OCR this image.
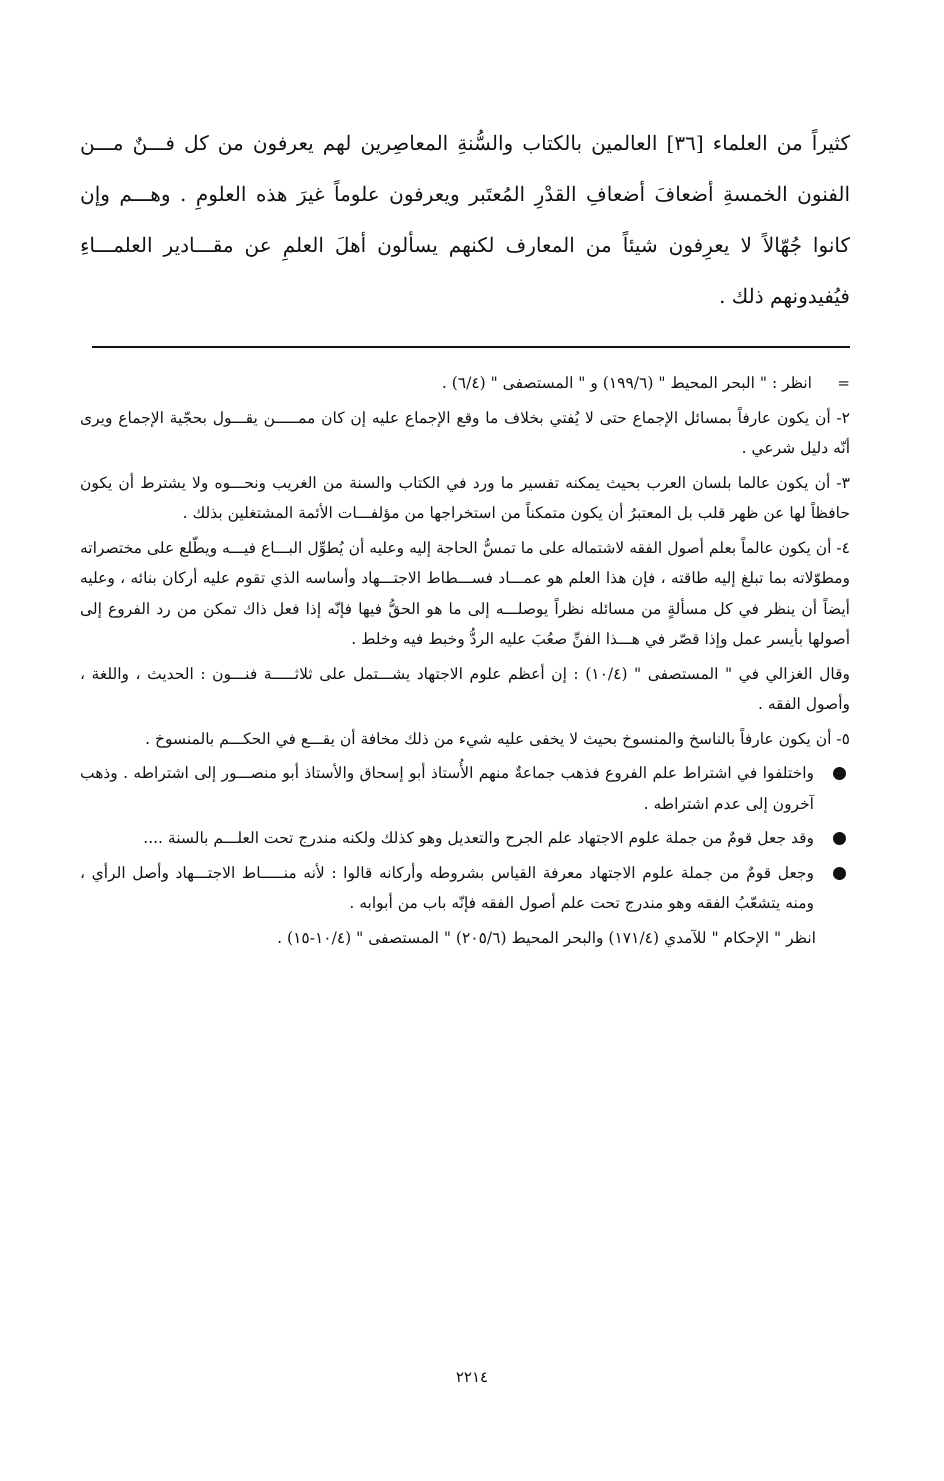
كثيراً من العلماء [٣٦] العالمين بالكتاب والسُّنةِ المعاصِرين لهم يعرفون من كل فـــنٌ مـــن الفنون الخمسةِ أضعافَ أضعافِ القدْرِ المُعتَبر ويعرفون علوماً غيرَ هذه العلومِ . وهـــم وإن كانوا جُهّالاً لا يعرِفون شيئاً من المعارف لكنهم يسألون أهلَ العلمِ عن مقـــادير العلمـــاءِ فيُفيدونهم ذلك .
=
انظر : " البحر المحيط " (١٩٩/٦) و " المستصفى " (٦/٤) .
٢- أن يكون عارفاً بمسائل الإجماع حتى لا يُفتي بخلاف ما وقع الإجماع عليه إن كان ممـــــن يقـــول بحجّية الإجماع ويرى أنّه دليل شرعي .
٣- أن يكون عالما بلسان العرب بحيث يمكنه تفسير ما ورد في الكتاب والسنة من الغريب ونحـــوه ولا يشترط أن يكون حافظاً لها عن ظهر قلب بل المعتبرُ أن يكون متمكناً من استخراجها من مؤلفـــات الأئمة المشتغلين بذلك .
٤- أن يكون عالماً بعلم أصول الفقه لاشتماله على ما تمسُّ الحاجة إليه وعليه أن يُطوِّل البـــاع فيـــه ويطّلع على مختصراته ومطوّلاته بما تبلغ إليه طاقته ، فإن هذا العلم هو عمـــاد فســـطاط الاجتـــهاد وأساسه الذي تقوم عليه أركان بنائه ، وعليه أيضاً أن ينظر في كل مسألةٍ من مسائله نظراً يوصلـــه إلى ما هو الحقُّ فيها فإنّه إذا فعل ذاك تمكن من رد الفروع إلى أصولها بأيسر عمل وإذا قصّر في هـــذا الفنِّ صعُبَ عليه الردُّ وخبط فيه وخلط .
وقال الغزالي في " المستصفى " (١٠/٤) : إن أعظم علوم الاجتهاد يشـــتمل على ثلاثـــــة فنـــون : الحديث ، واللغة ، وأصول الفقه .
٥- أن يكون عارفاً بالناسخ والمنسوخ بحيث لا يخفى عليه شيء من ذلك مخافة أن يقـــع في الحكـــم بالمنسوخ .
واختلفوا في اشتراط علم الفروع فذهب جماعةٌ منهم الأُستاذ أبو إسحاق والأستاذ أبو منصـــور إلى اشتراطه . وذهب آخرون إلى عدم اشتراطه .
وقد جعل قومٌ من جملة علوم الاجتهاد علم الجرح والتعديل وهو كذلك ولكنه مندرج تحت العلـــم بالسنة ....
وجعل قومٌ من جملة علوم الاجتهاد معرفة القياس بشروطه وأركانه قالوا : لأنه منـــــاط الاجتـــهاد وأصل الرأي ، ومنه يتشعّبُ الفقه وهو مندرج تحت علم أصول الفقه فإنّه باب من أبوابه .
انظر " الإحكام " للآمدي (١٧١/٤) والبحر المحيط (٢٠٥/٦) " المستصفى " (١٠/٤-١٥) .
٢٢١٤
